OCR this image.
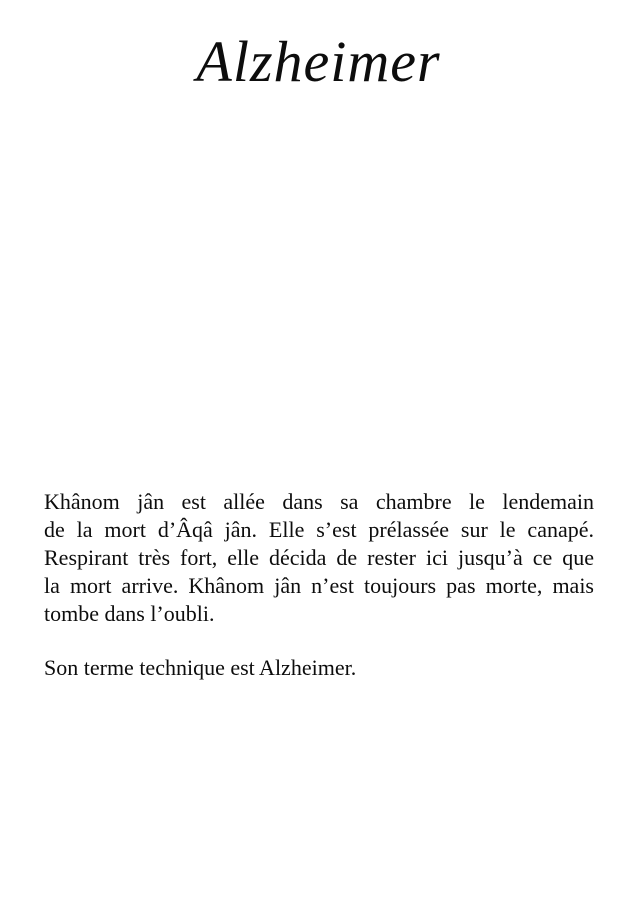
Alzheimer
Khânom jân est allée dans sa chambre le lendemain
de la mort d’Âqâ jân. Elle s’est prélassée sur le canapé.
Respirant très fort, elle décida de rester ici jusqu’à ce que
la mort arrive. Khânom jân n’est toujours pas morte, mais
tombe dans l’oubli.
Son terme technique est Alzheimer.
